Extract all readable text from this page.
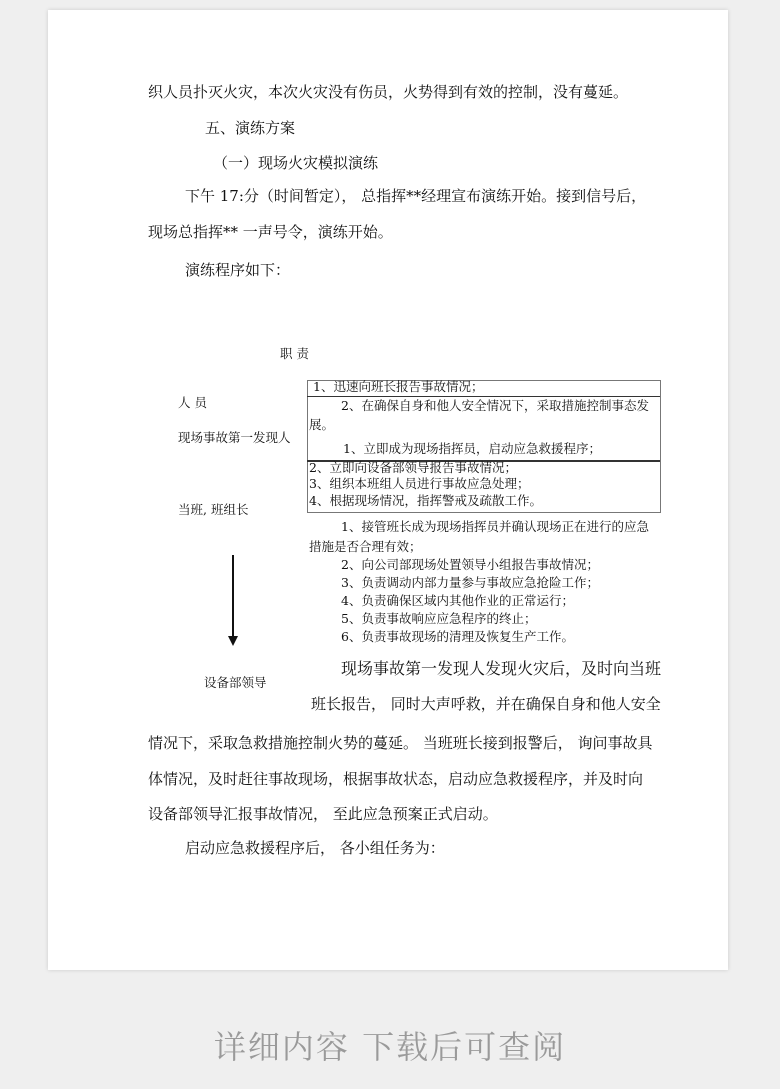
织人员扑灭火灾，本次火灾没有伤员，火势得到有效的控制，没有蔓延。
五、演练方案
（一）现场火灾模拟演练
下午 17:分（时间暂定）， 总指挥**经理宣布演练开始。接到信号后，
现场总指挥** 一声号令，演练开始。
演练程序如下：
职 责
人 员
现场事故第一发现人
当班, 班组长
设备部领导
1、迅速向班长报告事故情况；
2、在确保自身和他人安全情况下，采取措施控制事态发
展。
1、立即成为现场指挥员，启动应急救援程序；
2、立即向设备部领导报告事故情况；
3、组织本班组人员进行事故应急处理；
4、根据现场情况，指挥警戒及疏散工作。
1、接管班长成为现场指挥员并确认现场正在进行的应急
措施是否合理有效；
2、向公司部现场处置领导小组报告事故情况；
3、负责调动内部力量参与事故应急抢险工作；
4、负责确保区域内其他作业的正常运行；
5、负责事故响应应急程序的终止；
6、负责事故现场的清理及恢复生产工作。
现场事故第一发现人发现火灾后，及时向当班
班长报告， 同时大声呼救，并在确保自身和他人安全
情况下，采取急救措施控制火势的蔓延。 当班班长接到报警后， 询问事故具
体情况，及时赶往事故现场，根据事故状态，启动应急救援程序，并及时向
设备部领导汇报事故情况， 至此应急预案正式启动。
启动应急救援程序后， 各小组任务为：
详细内容 下载后可查阅
